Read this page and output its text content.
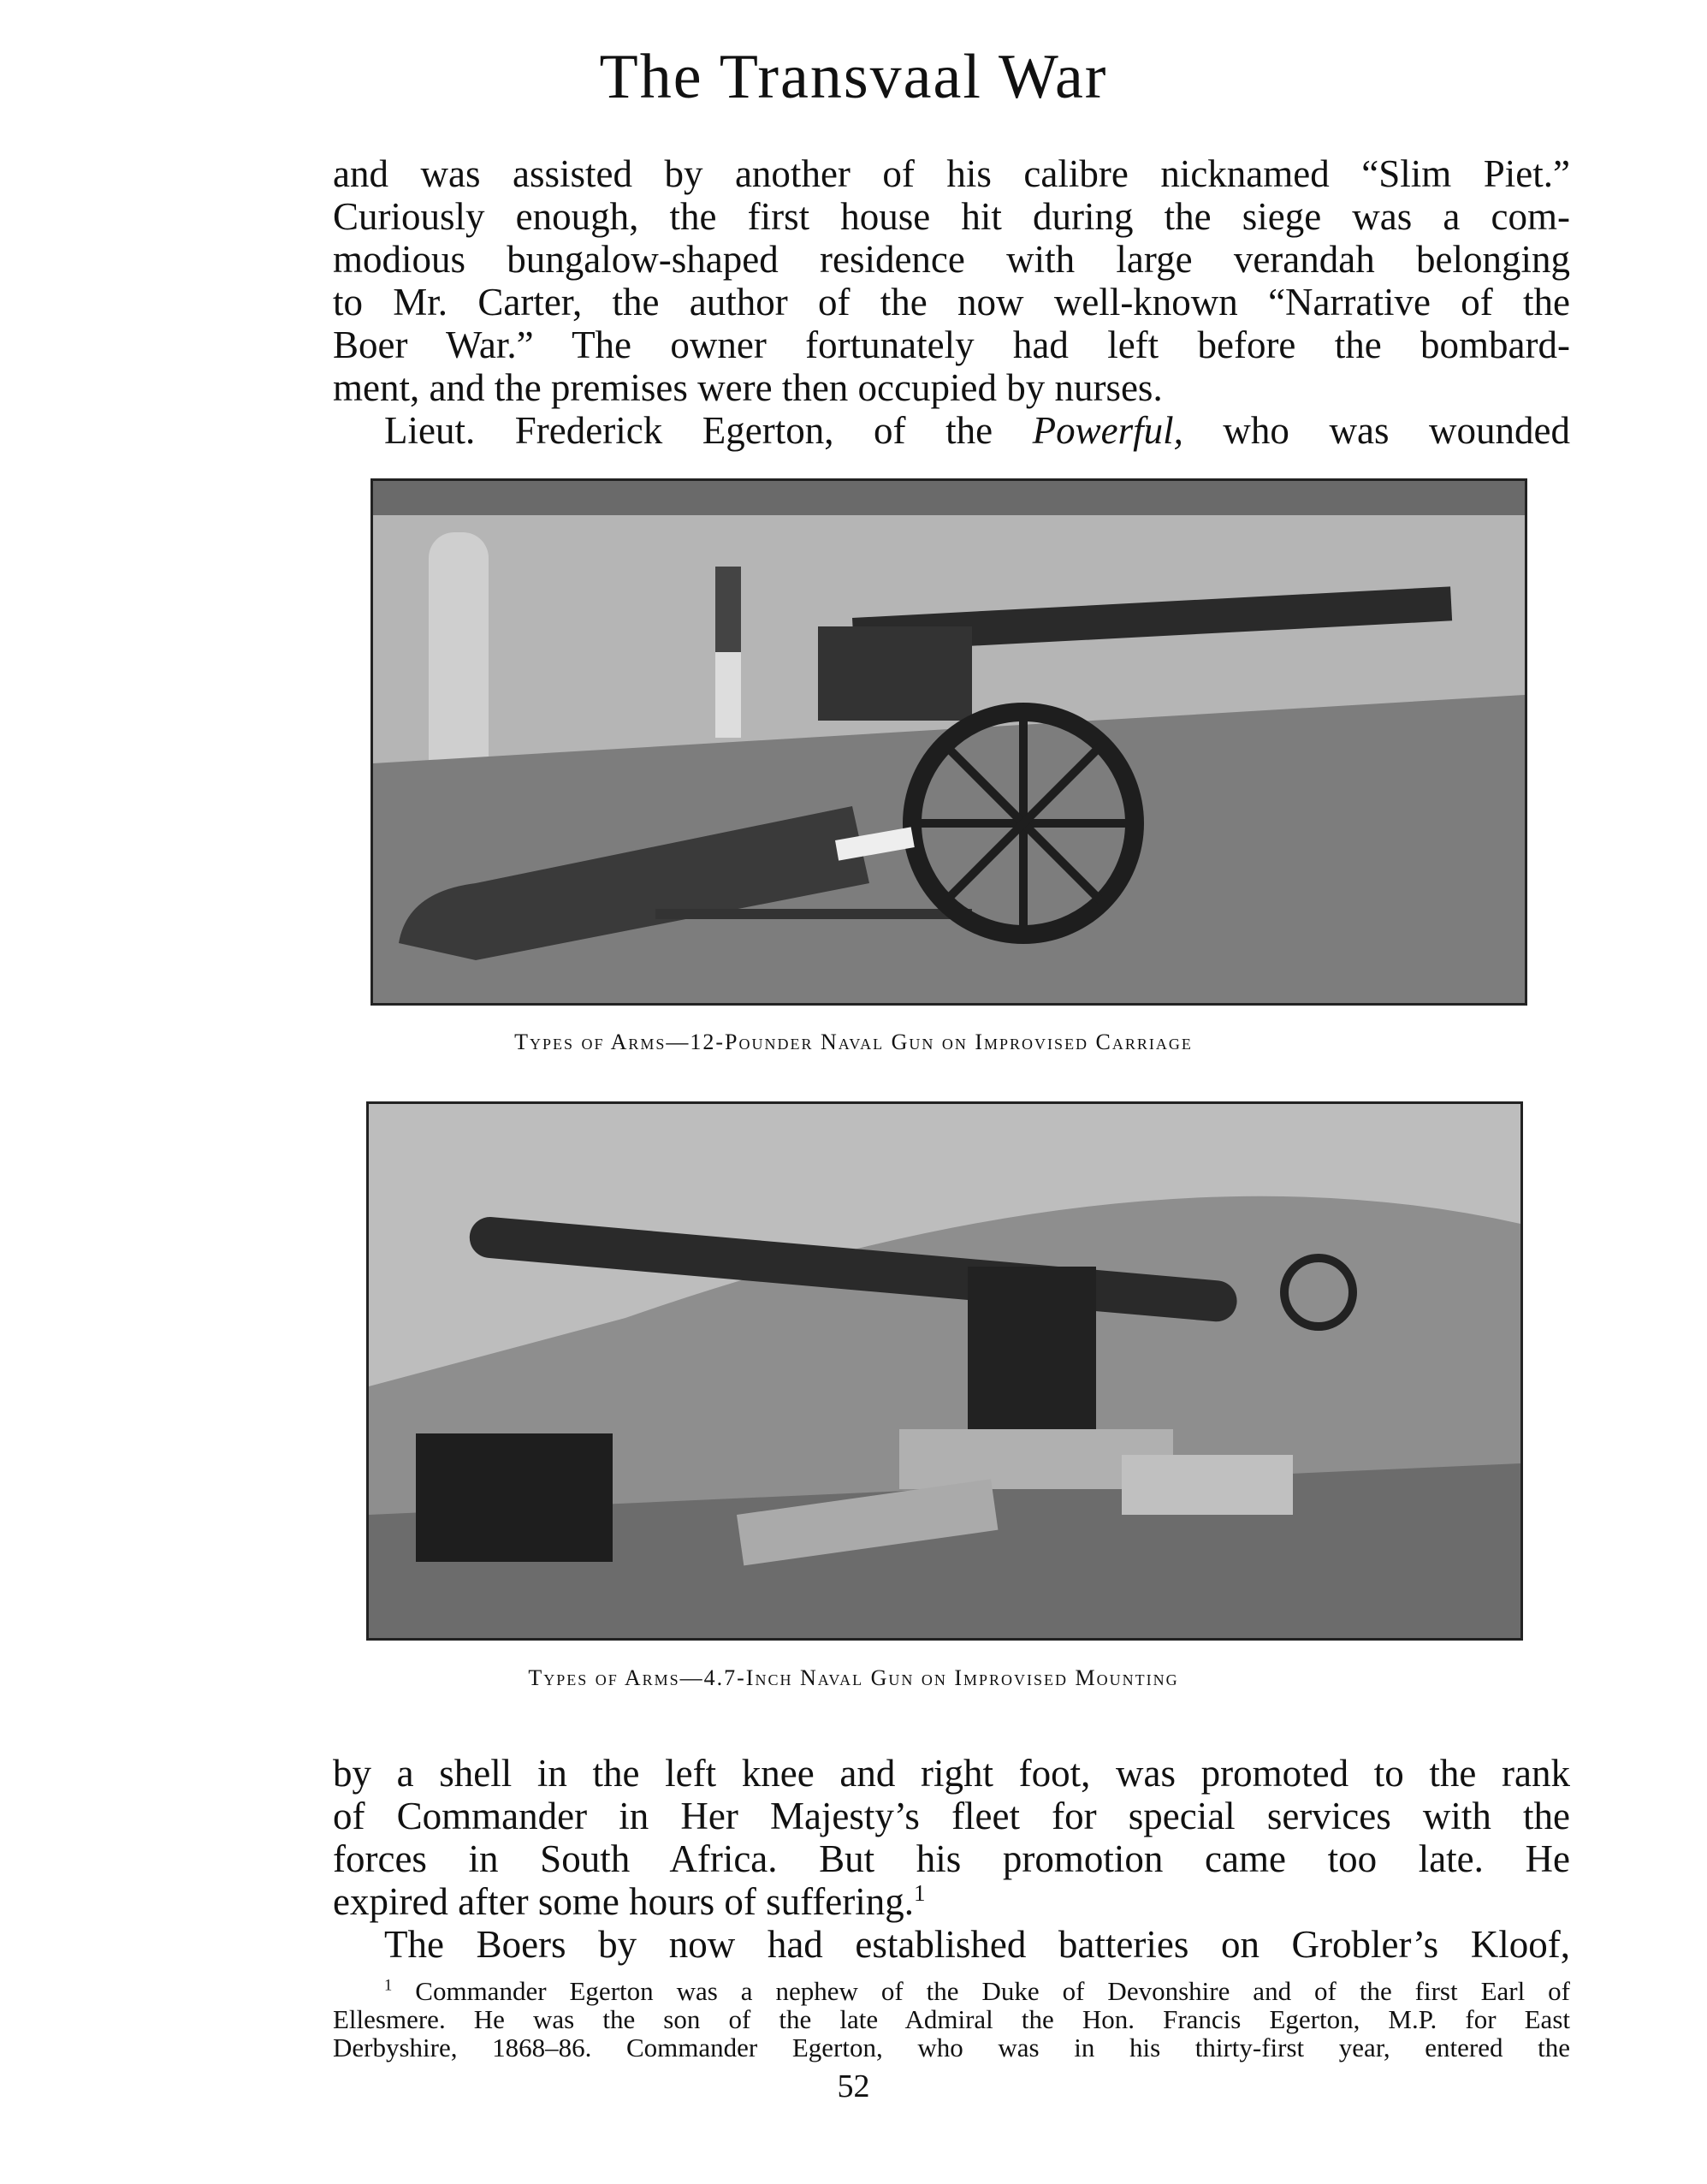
The Transvaal War
and was assisted by another of his calibre nicknamed “Slim Piet.”
Curiously enough, the first house hit during the siege was a com-
modious bungalow-shaped residence with large verandah belonging
to Mr. Carter, the author of the now well-known “Narrative of the
Boer War.” The owner fortunately had left before the bombard-
ment, and the premises were then occupied by nurses.
Lieut. Frederick Egerton, of the Powerful, who was wounded
Types of Arms—12-Pounder Naval Gun on Improvised Carriage
Types of Arms—4.7-Inch Naval Gun on Improvised Mounting
by a shell in the left knee and right foot, was promoted to the rank
of Commander in Her Majesty’s fleet for special services with the
forces in South Africa. But his promotion came too late. He
expired after some hours of suffering.$^1$
The Boers by now had established batteries on Grobler’s Kloof,
$^1$ Commander Egerton was a nephew of the Duke of Devonshire and of the first Earl of
Ellesmere. He was the son of the late Admiral the Hon. Francis Egerton, M.P. for East
Derbyshire, 1868–86. Commander Egerton, who was in his thirty-first year, entered the
52
